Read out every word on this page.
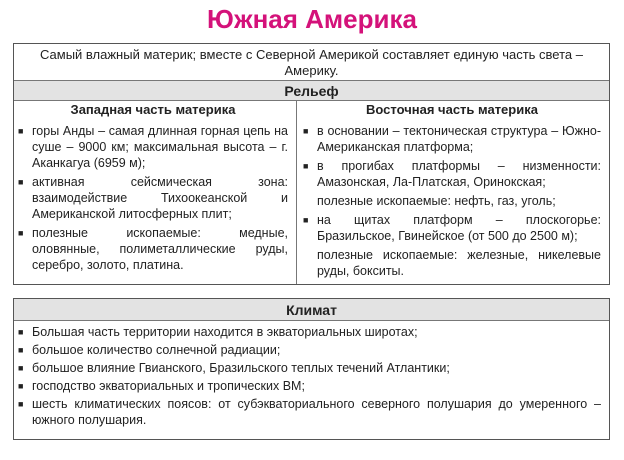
Южная Америка
Самый влажный материк; вместе с Северной Америкой составляет единую часть света – Америку.
Рельеф
Западная часть материка
■ горы Анды – самая длинная горная цепь на суше – 9000 км; максимальная высота – г. Аканкагуа (6959 м);
■ активная сейсмическая зона: взаимодействие Тихоокеанской и Американской литосферных плит;
■ полезные ископаемые: медные, оловянные, полиметаллические руды, серебро, золото, платина.
Восточная часть материка
■ в основании – тектоническая структура – Южно-Американская платформа;
■ в прогибах платформы – низменности: Амазонская, Ла-Платская, Оринокская;
полезные ископаемые: нефть, газ, уголь;
■ на щитах платформ – плоскогорье: Бразильское, Гвинейское (от 500 до 2500 м);
полезные ископаемые: железные, никелевые руды, бокситы.
Климат
■ Большая часть территории находится в экваториальных широтах;
■ большое количество солнечной радиации;
■ большое влияние Гвианского, Бразильского теплых течений Атлантики;
■ господство экваториальных и тропических ВМ;
■ шесть климатических поясов: от субэкваториального северного полушария до умеренного – южного полушария.
